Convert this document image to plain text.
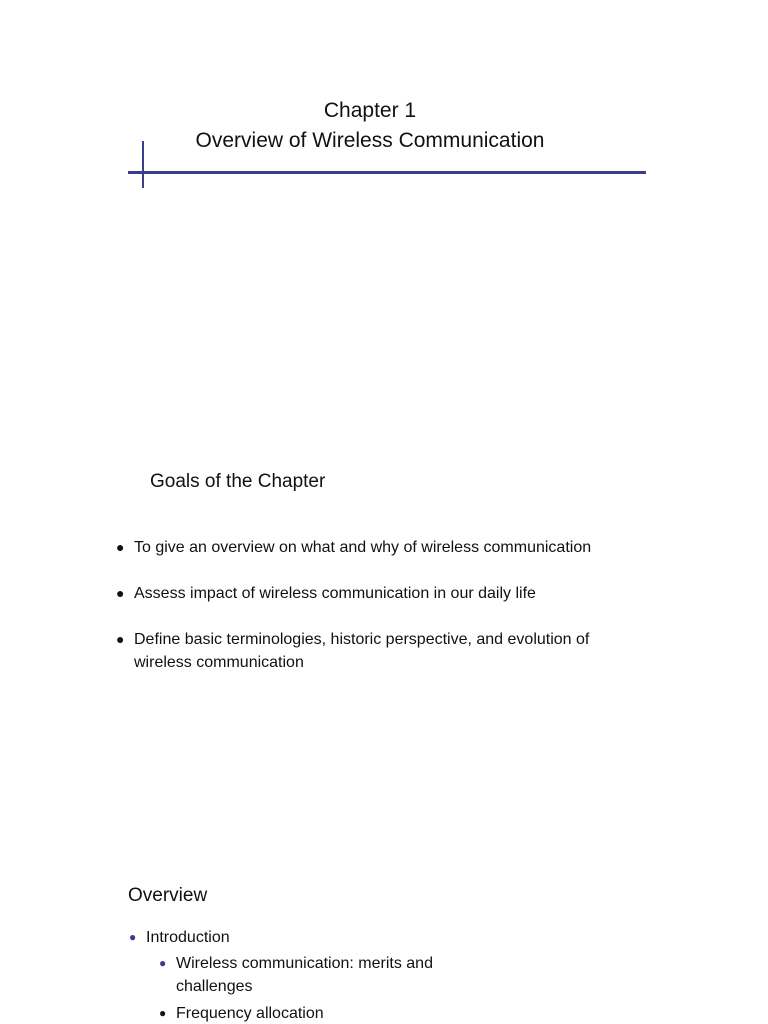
Chapter 1
Overview of Wireless Communication
Goals of the Chapter
● To give an overview on what and why of wireless communication
● Assess impact of wireless communication in our daily life
● Define basic terminologies, historic perspective, and evolution of wireless communication
Overview
● Introduction
● Wireless communication: merits and challenges
● Frequency allocation
